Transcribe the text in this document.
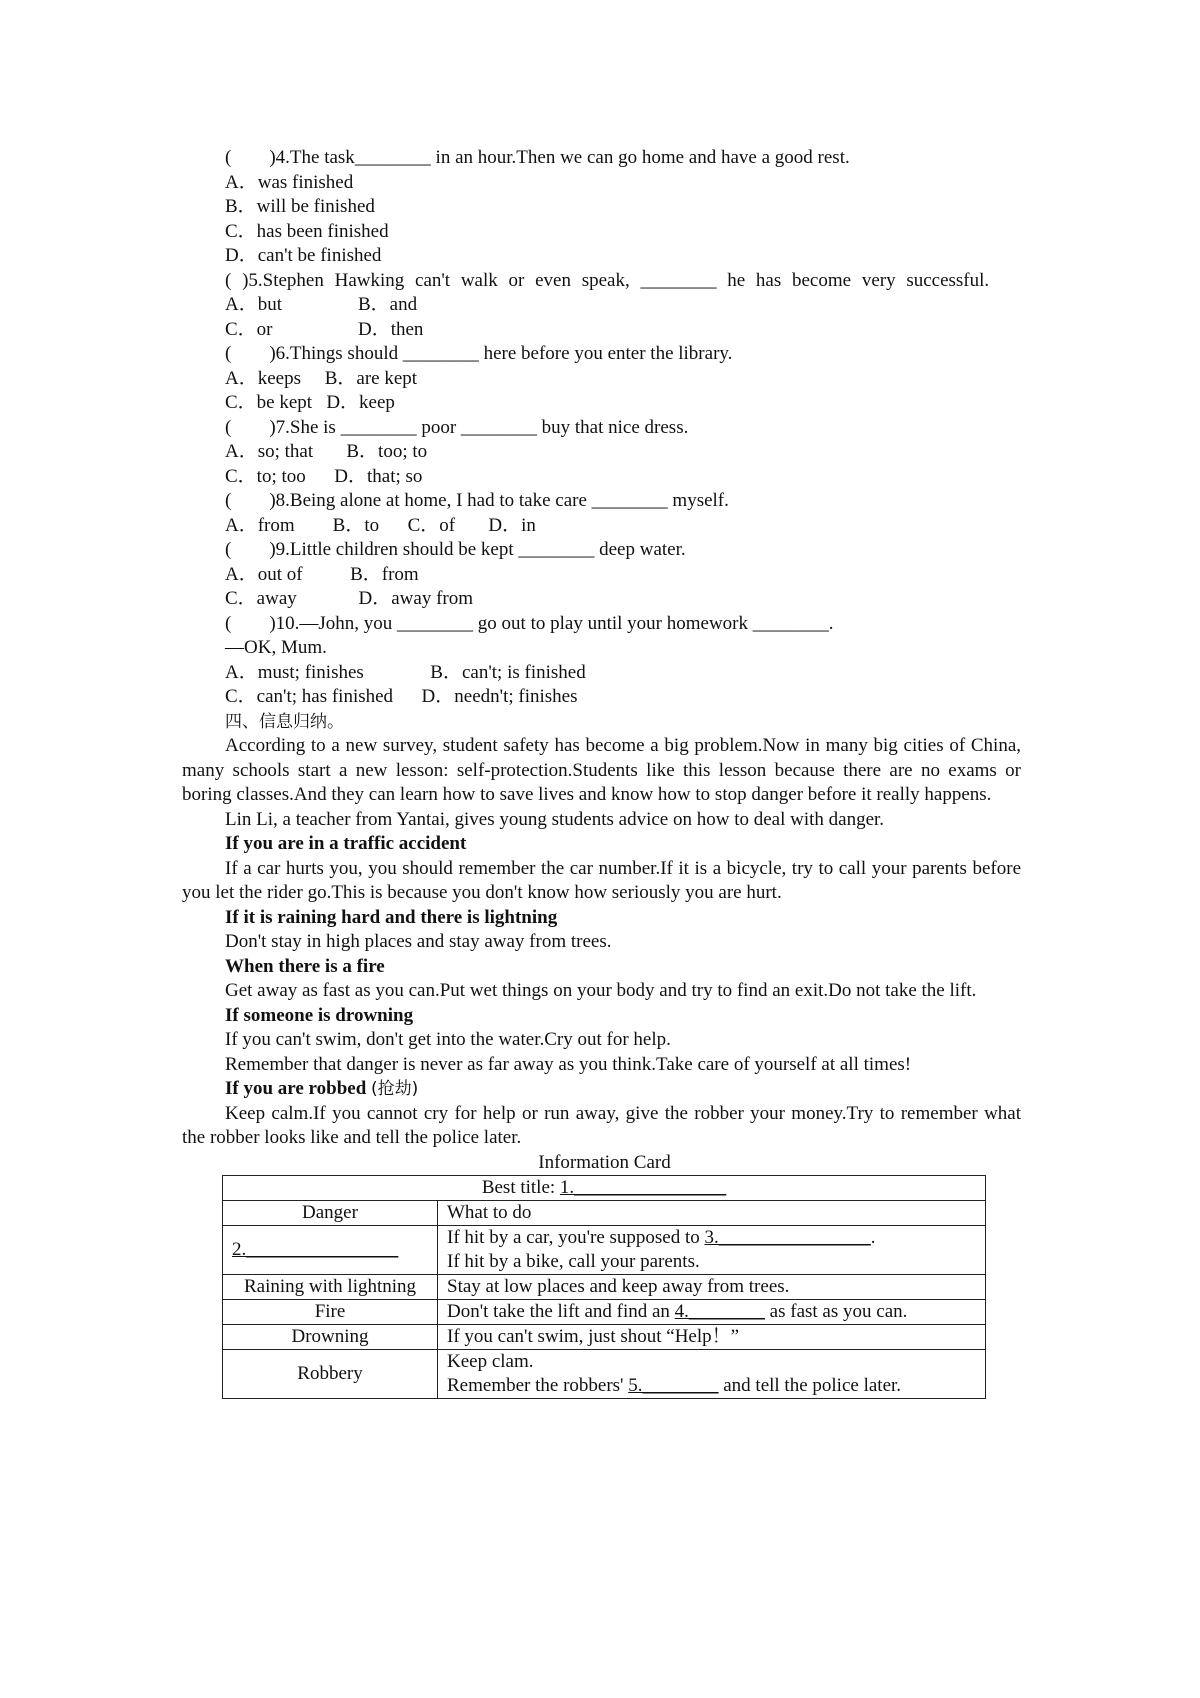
(        )4.The task________ in an hour.Then we can go home and have a good rest.
A．was finished
B．will be finished
C．has been finished
D．can't be finished
( )5.Stephen Hawking can't walk or even speak, ________ he has become very successful.
A．but                B．and
C．or                  D．then
(        )6.Things should ________ here before you enter the library.
A．keeps     B．are kept
C．be kept   D．keep
(        )7.She is ________ poor ________ buy that nice dress.
A．so; that       B．too; to
C．to; too      D．that; so
(        )8.Being alone at home, I had to take care ________ myself.
A．from        B．to      C．of       D．in
(        )9.Little children should be kept ________ deep water.
A．out of          B．from
C．away             D．away from
(        )10.—John, you ________ go out to play until your homework ________.
—OK, Mum.
A．must; finishes              B．can't; is finished
C．can't; has finished      D．needn't; finishes
四、信息归纳。
According to a new survey, student safety has become a big problem.Now in many big cities of China, many schools start a new lesson: self-protection.Students like this lesson because there are no exams or boring classes.And they can learn how to save lives and know how to stop danger before it really happens.
Lin Li, a teacher from Yantai, gives young students advice on how to deal with danger.
If you are in a traffic accident
If a car hurts you, you should remember the car number.If it is a bicycle, try to call your parents before you let the rider go.This is because you don't know how seriously you are hurt.
If it is raining hard and there is lightning
Don't stay in high places and stay away from trees.
When there is a fire
Get away as fast as you can.Put wet things on your body and try to find an exit.Do not take the lift.
If someone is drowning
If you can't swim, don't get into the water.Cry out for help.
Remember that danger is never as far away as you think.Take care of yourself at all times!
If you are robbed (抢劫)
Keep calm.If you cannot cry for help or run away, give the robber your money.Try to remember what the robber looks like and tell the police later.
Information Card
Best title: 1.________________	
Danger	What to do
2.________________	If hit by a car, you're supposed to 3.________________.
If hit by a bike, call your parents.

Raining with lightning	Stay at low places and keep away from trees.
Fire	Don't take the lift and find an 4.________ as fast as you can.
Drowning	If you can't swim, just shout “Help！”
Robbery	Keep clam.
Remember the robbers' 5.________ and tell the police later.
